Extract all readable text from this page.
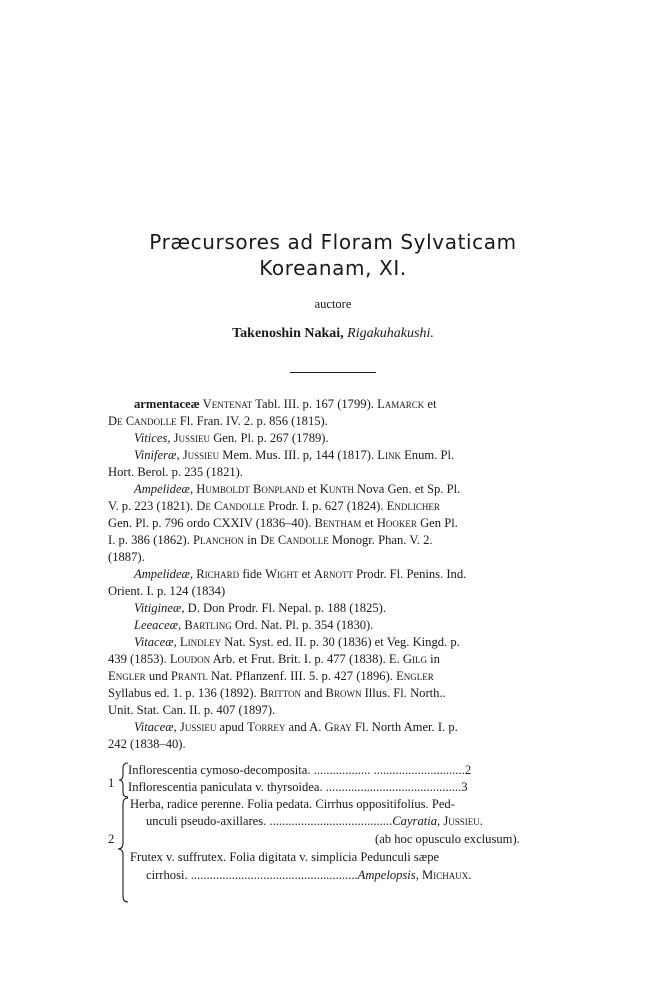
Præcursores ad Floram Sylvaticam
Koreanam, XI.
auctore
Takenoshin Nakai, Rigakuhakushi.
armentaceæ Ventenat Tabl. III. p. 167 (1799). Lamarck et
De Candolle Fl. Fran. IV. 2. p. 856 (1815).
Vitices, Jussieu Gen. Pl. p. 267 (1789).
Viniferæ, Jussieu Mem. Mus. III. p, 144 (1817). Link Enum. Pl.
Hort. Berol. p. 235 (1821).
Ampelideæ, Humboldt Bonpland et Kunth Nova Gen. et Sp. Pl.
V. p. 223 (1821). De Candolle Prodr. I. p. 627 (1824). Endlicher
Gen. Pl. p. 796 ordo CXXIV (1836–40). Bentham et Hooker Gen Pl.
I. p. 386 (1862). Planchon in De Candolle Monogr. Phan. V. 2.
(1887).
Ampelideæ, Richard fide Wight et Arnott Prodr. Fl. Penins. Ind.
Orient. I. p. 124 (1834)
Vitigineæ, D. Don Prodr. Fl. Nepal. p. 188 (1825).
Leeaceæ, Bartling Ord. Nat. Pl. p. 354 (1830).
Vitaceæ, Lindley Nat. Syst. ed. II. p. 30 (1836) et Veg. Kingd. p.
439 (1853). Loudon Arb. et Frut. Brit. I. p. 477 (1838). E. Gilg in
Engler und Prantl Nat. Pflanzenf. III. 5. p. 427 (1896). Engler
Syllabus ed. 1. p. 136 (1892). Britton and Brown Illus. Fl. North..
Unit. Stat. Can. II. p. 407 (1897).
Vitaceæ, Jussieu apud Torrey and A. Gray Fl. North Amer. I. p.
242 (1838–40).
1
Inflorescentia cymoso-decomposita. .................. .............................2
Inflorescentia paniculata v. thyrsoidea. ...........................................3
2
Herba, radice perenne. Folia pedata. Cirrhus oppositifolius. Ped-
unculi pseudo-axillares. .......................................Cayratia, Jussieu.
(ab hoc opusculo exclusum).
Frutex v. suffrutex. Folia digitata v. simplicia Pedunculi sæpe
cirrhosi. .....................................................Ampelopsis, Michaux.
